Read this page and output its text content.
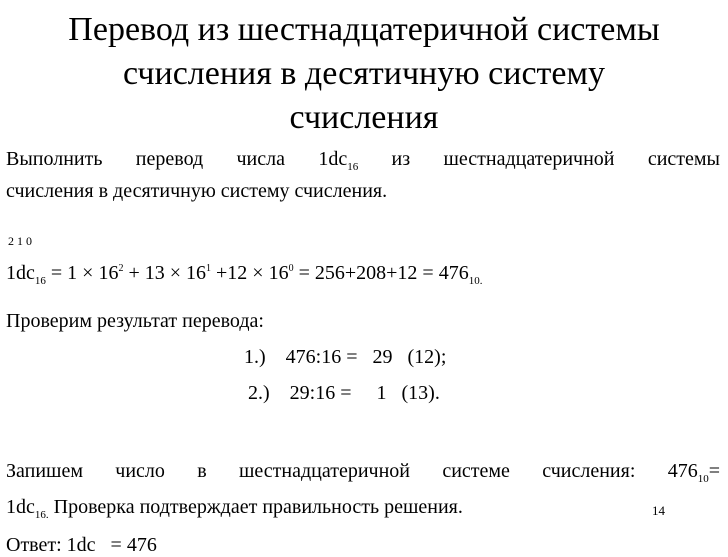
Перевод из шестнадцатеричной системы
счисления в десятичную систему
счисления
Выполнить перевод числа $1dc_{16}$ из шестнадцатеричной системы
счисления в десятичную систему счисления.
2 1 0
$1dc_{16} = 1 \times 16^2 + 13 \times 16^1 +12 \times 16^0 = 256+208+12 = 476_{10.}$
Проверим результат перевода:
1.)    476:16 =   29   (12);
2.)    29:16 =     1   (13).
Запишем число в шестнадцатеричной системе счисления: $476_{10}=$
$1dc_{16.}$ Проверка подтверждает правильность решения.	14
Ответ: 1dc   = 476
